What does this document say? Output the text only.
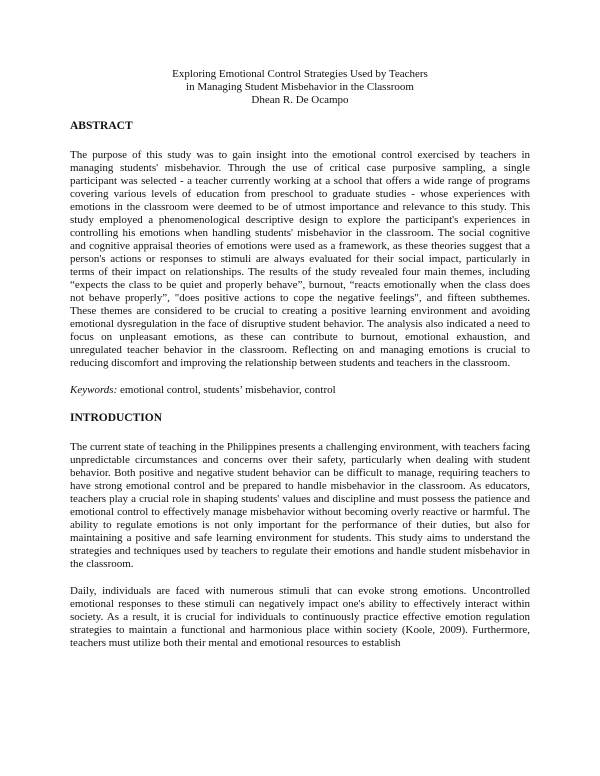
Exploring Emotional Control Strategies Used by Teachers
in Managing Student Misbehavior in the Classroom
Dhean R. De Ocampo
ABSTRACT

The purpose of this study was to gain insight into the emotional control exercised by teachers in managing students' misbehavior. Through the use of critical case purposive sampling, a single participant was selected - a teacher currently working at a school that offers a wide range of programs covering various levels of education from preschool to graduate studies - whose experiences with emotions in the classroom were deemed to be of utmost importance and relevance to this study. This study employed a phenomenological descriptive design to explore the participant's experiences in controlling his emotions when handling students' misbehavior in the classroom. The social cognitive and cognitive appraisal theories of emotions were used as a framework, as these theories suggest that a person's actions or responses to stimuli are always evaluated for their social impact, particularly in terms of their impact on relationships. The results of the study revealed four main themes, including “expects the class to be quiet and properly behave”, burnout, “reacts emotionally when the class does not behave properly”, "does positive actions to cope the negative feelings", and fifteen subthemes. These themes are considered to be crucial to creating a positive learning environment and avoiding emotional dysregulation in the face of disruptive student behavior. The analysis also indicated a need to focus on unpleasant emotions, as these can contribute to burnout, emotional exhaustion, and unregulated teacher behavior in the classroom. Reflecting on and managing emotions is crucial to reducing discomfort and improving the relationship between students and teachers in the classroom.

Keywords: emotional control, students’ misbehavior, control

INTRODUCTION

The current state of teaching in the Philippines presents a challenging environment, with teachers facing unpredictable circumstances and concerns over their safety, particularly when dealing with student behavior. Both positive and negative student behavior can be difficult to manage, requiring teachers to have strong emotional control and be prepared to handle misbehavior in the classroom. As educators, teachers play a crucial role in shaping students' values and discipline and must possess the patience and emotional control to effectively manage misbehavior without becoming overly reactive or harmful. The ability to regulate emotions is not only important for the performance of their duties, but also for maintaining a positive and safe learning environment for students. This study aims to understand the strategies and techniques used by teachers to regulate their emotions and handle student misbehavior in the classroom.

Daily, individuals are faced with numerous stimuli that can evoke strong emotions. Uncontrolled emotional responses to these stimuli can negatively impact one's ability to effectively interact within society. As a result, it is crucial for individuals to continuously practice effective emotion regulation strategies to maintain a functional and harmonious place within society (Koole, 2009). Furthermore, teachers must utilize both their mental and emotional resources to establish
